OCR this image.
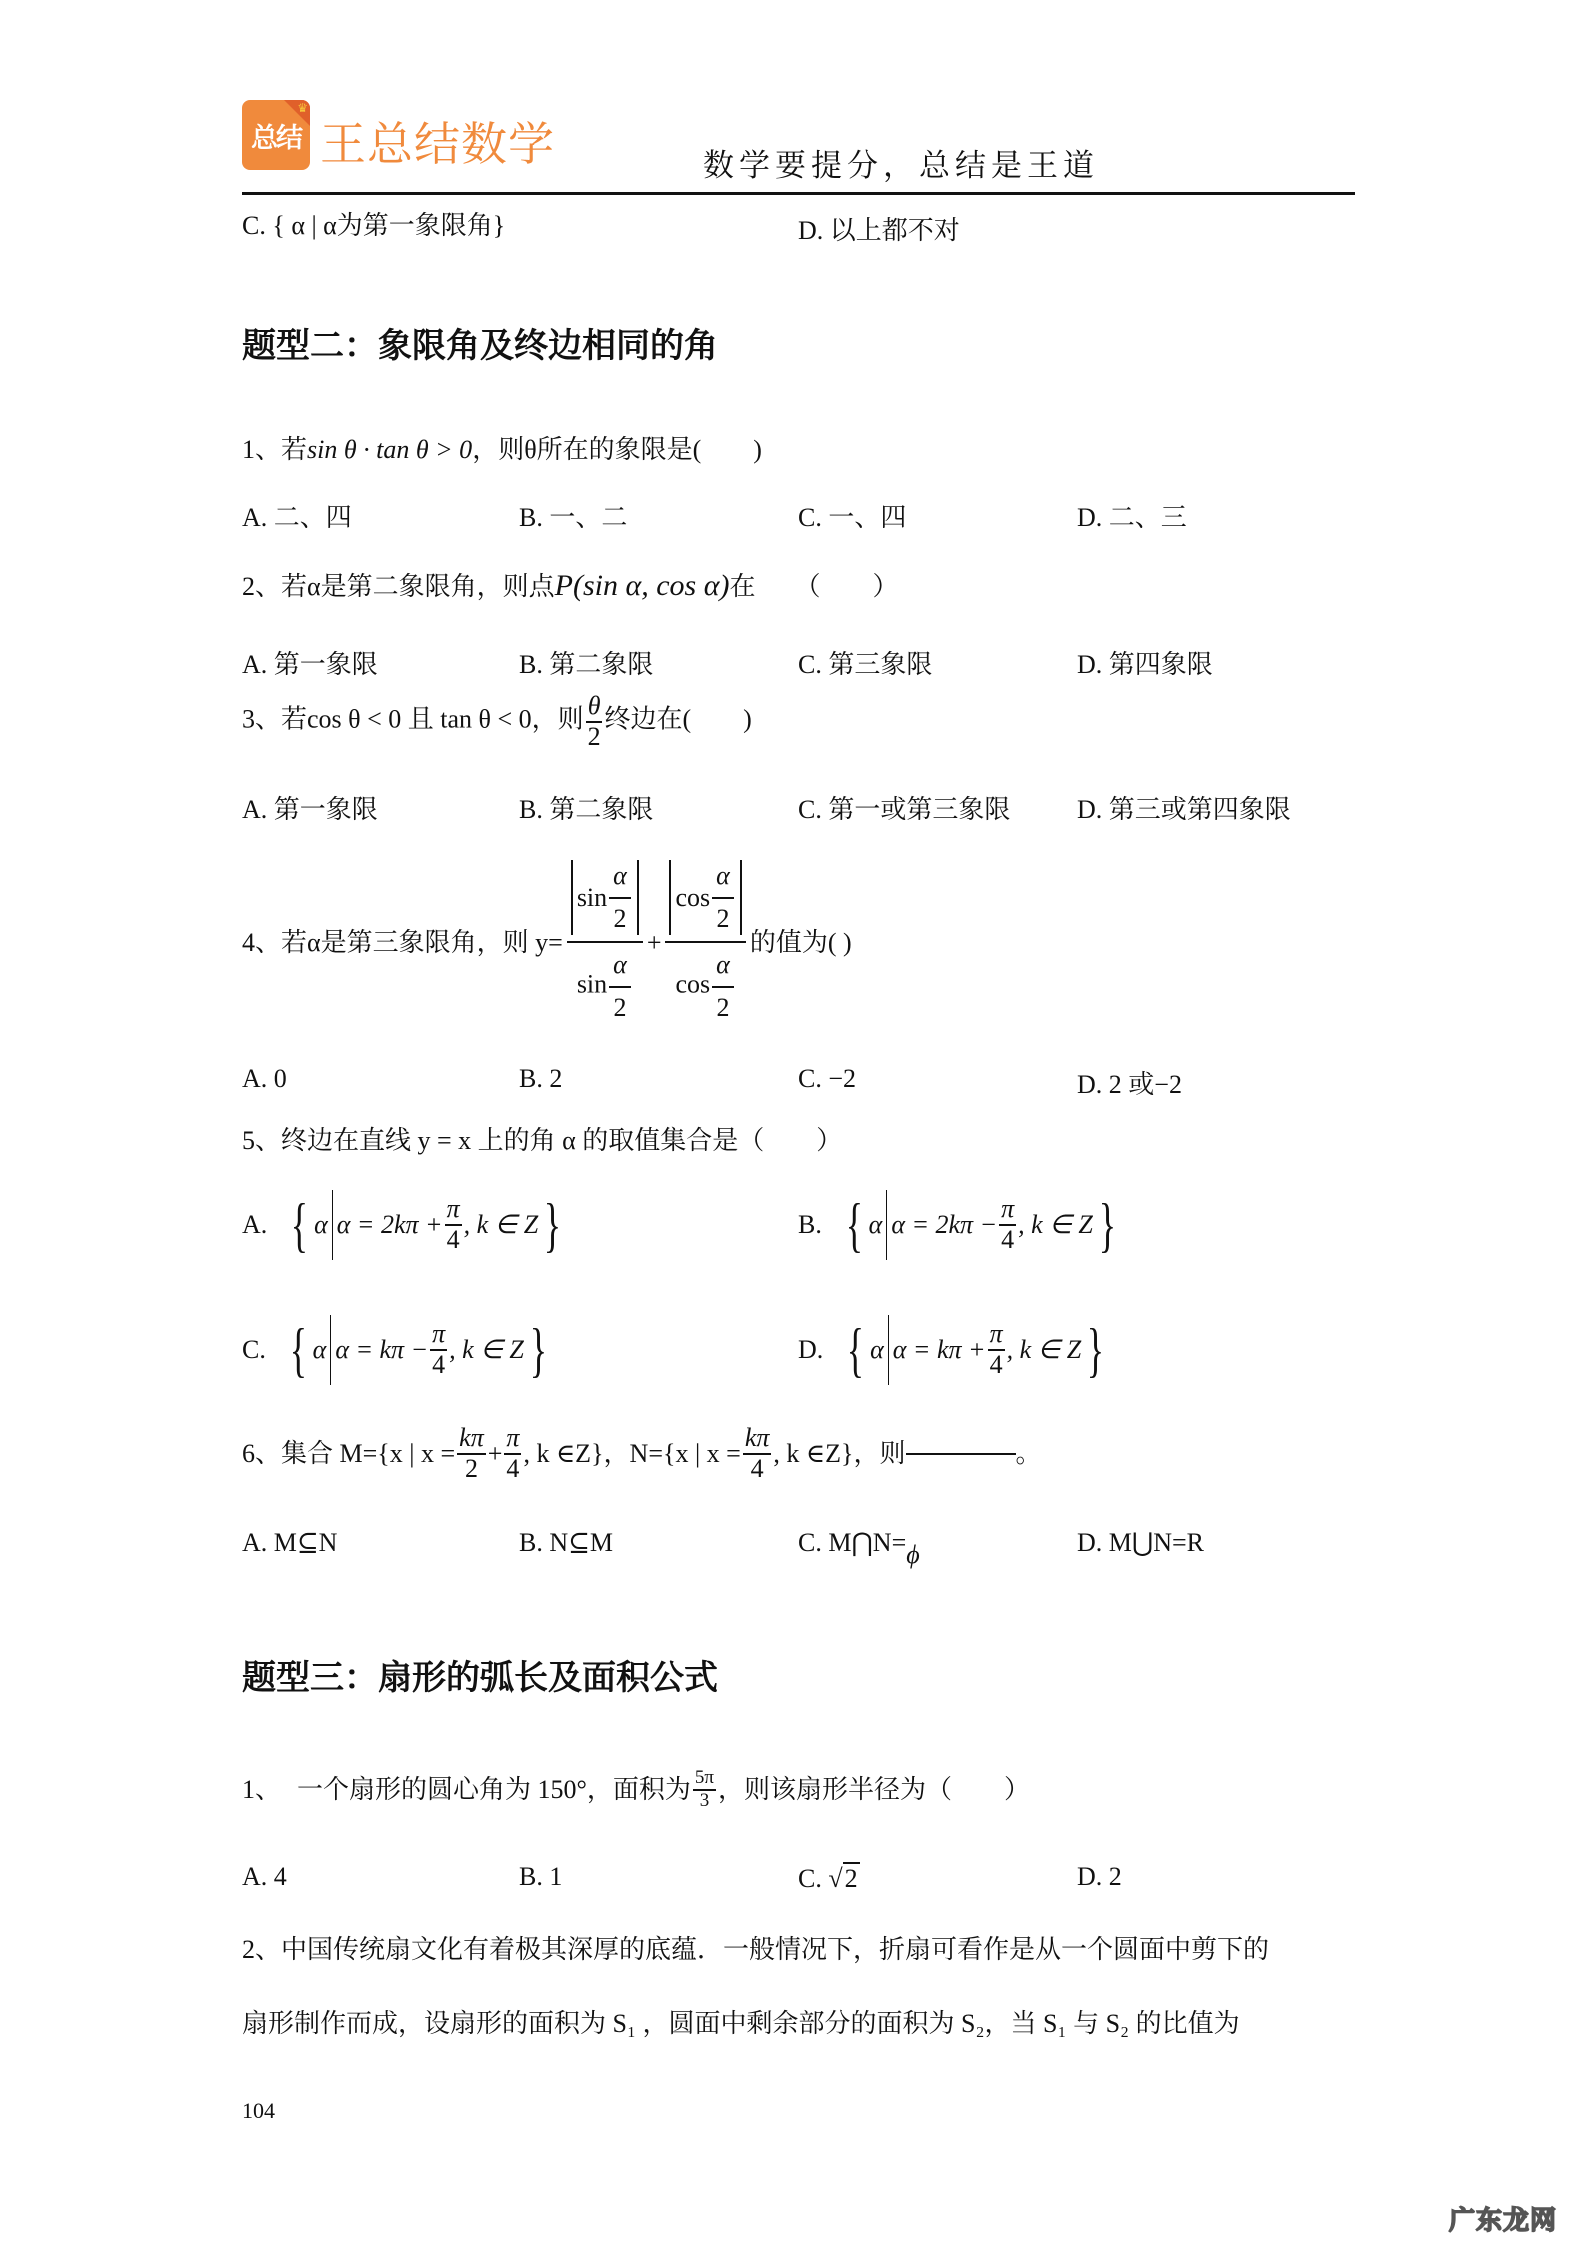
♛
总结 王总结数学	数学要提分，总结是王道
C. { α | α为第一象限角}	D. 以上都不对
题型二：象限角及终边相同的角
1、若sin θ · tan θ > 0，则θ所在的象限是(　　)
A. 二、四	B. 一、二	C. 一、四	D. 二、三
2、若α是第二象限角，则点P(sin α, cos α)在　　（　　）
A. 第一象限	B. 第二象限	C. 第三象限	D. 第四象限
3、若cos θ < 0 且 tan θ < 0，则 $\frac{\theta}{2}$ 终边在(　　)
A. 第一象限	B. 第二象限	C. 第一或第三象限	D. 第三或第四象限
4、 若α是第三象限角，则 $y= \frac{\sin \frac{\alpha}{2}}{\sin \frac{\alpha}{2}} + \frac{\cos \frac{\alpha}{2}}{\cos \frac{\alpha}{2}}$ 的值为( )
A. 0	B. 2	C. −2	D. 2 或−2
5、终边在直线 y = x 上的角 α 的取值集合是（　　）
A. { α $\alpha = 2k\pi + \frac{\pi}{4}$ , k ∈ Z }	B. { α $\alpha = 2k\pi - \frac{\pi}{4}$ , k ∈ Z }
C. { α $\alpha = k\pi - \frac{\pi}{4}$ , k ∈ Z }	D. { α $\alpha = k\pi + \frac{\pi}{4}$ , k ∈ Z }
6、 集合 M={x | $x = \frac{k\pi}{2} + \frac{\pi}{4}$ , k ∈Z}，N={x | $x = \frac{k\pi}{4}$ , k ∈Z}，则	。
A. M⊆N	B. N⊆M	C. M⋂N=ϕ	D. M⋃N=R
题型三：扇形的弧长及面积公式
1、 一个扇形的圆心角为 150°，面积为 $\frac{5\pi}{3}$ ，则该扇形半径为（　　）
A. 4	B. 1	C. √2	D. 2
2、中国传统扇文化有着极其深厚的底蕴．一般情况下，折扇可看作是从一个圆面中剪下的
扇形制作而成，设扇形的面积为 S₁ ，圆面中剩余部分的面积为 S₂，当 S₁ 与 S₂ 的比值为
104
广东龙网
